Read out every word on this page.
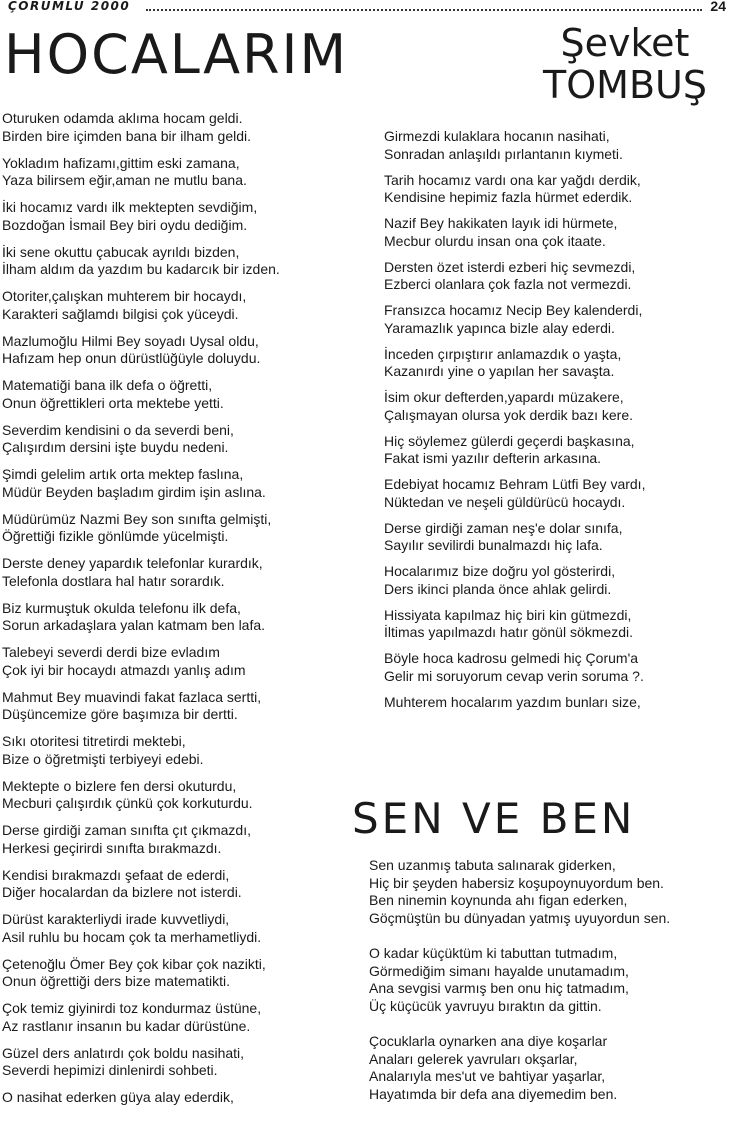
ÇORUMLU 2000	24
HOCALARIM	Şevket
TOMBUŞ
Oturuken odamda aklıma hocam geldi.
Birden bire içimden bana bir ilham geldi.
Yokladım hafizamı,gittim eski zamana,
Yaza bilirsem eğir,aman ne mutlu bana.
İki hocamız vardı ilk mektepten sevdiğim,
Bozdoğan İsmail Bey biri oydu dediğim.
İki sene okuttu çabucak ayrıldı bizden,
İlham aldım da yazdım bu kadarcık bir izden.
Otoriter,çalışkan muhterem bir hocaydı,
Karakteri sağlamdı bilgisi çok yüceydi.
Mazlumoğlu Hilmi Bey soyadı Uysal oldu,
Hafızam hep onun dürüstlüğüyle doluydu.
Matematiği bana ilk defa o öğretti,
Onun öğrettikleri orta mektebe yetti.
Severdim kendisini o da severdi beni,
Çalışırdım dersini işte buydu nedeni.
Şimdi gelelim artık orta mektep faslına,
Müdür Beyden başladım girdim işin aslına.
Müdürümüz Nazmi Bey son sınıfta gelmişti,
Öğrettiği fizikle gönlümde yücelmişti.
Derste deney yapardık telefonlar kurardık,
Telefonla dostlara hal hatır sorardık.
Biz kurmuştuk okulda telefonu ilk defa,
Sorun arkadaşlara yalan katmam ben lafa.
Talebeyi severdi derdi bize evladım
Çok iyi bir hocaydı atmazdı yanlış adım
Mahmut Bey muavindi fakat fazlaca sertti,
Düşüncemize göre başımıza bir dertti.
Sıkı otoritesi titretirdi mektebi,
Bize o öğretmişti terbiyeyi edebi.
Mektepte o bizlere fen dersi okuturdu,
Mecburi çalışırdık çünkü çok korkuturdu.
Derse girdiği zaman sınıfta çıt çıkmazdı,
Herkesi geçirirdi sınıfta bırakmazdı.
Kendisi bırakmazdı şefaat de ederdi,
Diğer hocalardan da bizlere not isterdi.
Dürüst karakterliydi irade kuvvetliydi,
Asil ruhlu bu hocam çok ta merhametliydi.
Çetenoğlu Ömer Bey çok kibar çok nazikti,
Onun öğrettiği ders bize matematikti.
Çok temiz giyinirdi toz kondurmaz üstüne,
Az rastlanır insanın bu kadar dürüstüne.
Güzel ders anlatırdı çok boldu nasihati,
Severdi hepimizi dinlenirdi sohbeti.
O nasihat ederken güya alay ederdik,
Girmezdi kulaklara hocanın nasihati,
Sonradan anlaşıldı pırlantanın kıymeti.
Tarih hocamız vardı ona kar yağdı derdik,
Kendisine hepimiz fazla hürmet ederdik.
Nazif Bey hakikaten layık idi hürmete,
Mecbur olurdu insan ona çok itaate.
Dersten özet isterdi ezberi hiç sevmezdi,
Ezberci olanlara çok fazla not vermezdi.
Fransızca hocamız Necip Bey kalenderdi,
Yaramazlık yapınca bizle alay ederdi.
İnceden çırpıştırır anlamazdık o yaşta,
Kazanırdı yine o yapılan her savaşta.
İsim okur defterden,yapardı müzakere,
Çalışmayan olursa yok derdik bazı kere.
Hiç söylemez gülerdi geçerdi başkasına,
Fakat ismi yazılır defterin arkasına.
Edebiyat hocamız Behram Lütfi Bey vardı,
Nüktedan ve neşeli güldürücü hocaydı.
Derse girdiği zaman neş'e dolar sınıfa,
Sayılır sevilirdi bunalmazdı hiç lafa.
Hocalarımız bize doğru yol gösterirdi,
Ders ikinci planda önce ahlak gelirdi.
Hissiyata kapılmaz hiç biri kin gütmezdi,
İltimas yapılmazdı hatır gönül sökmezdi.
Böyle hoca kadrosu gelmedi hiç Çorum'a
Gelir mi soruyorum cevap verin soruma ?.
Muhterem hocalarım yazdım bunları size,
SEN VE BEN
Sen uzanmış tabuta salınarak giderken,
Hiç bir şeyden habersiz koşupoynuyordum ben.
Ben ninemin koynunda ahı figan ederken,
Göçmüştün bu dünyadan yatmış uyuyordun sen.
O kadar küçüktüm ki tabuttan tutmadım,
Görmediğim simanı hayalde unutamadım,
Ana sevgisi varmış ben onu hiç tatmadım,
Üç küçücük yavruyu bıraktın da gittin.
Çocuklarla oynarken ana diye koşarlar
Anaları gelerek yavruları okşarlar,
Analarıyla mes'ut ve bahtiyar yaşarlar,
Hayatımda bir defa ana diyemedim ben.
